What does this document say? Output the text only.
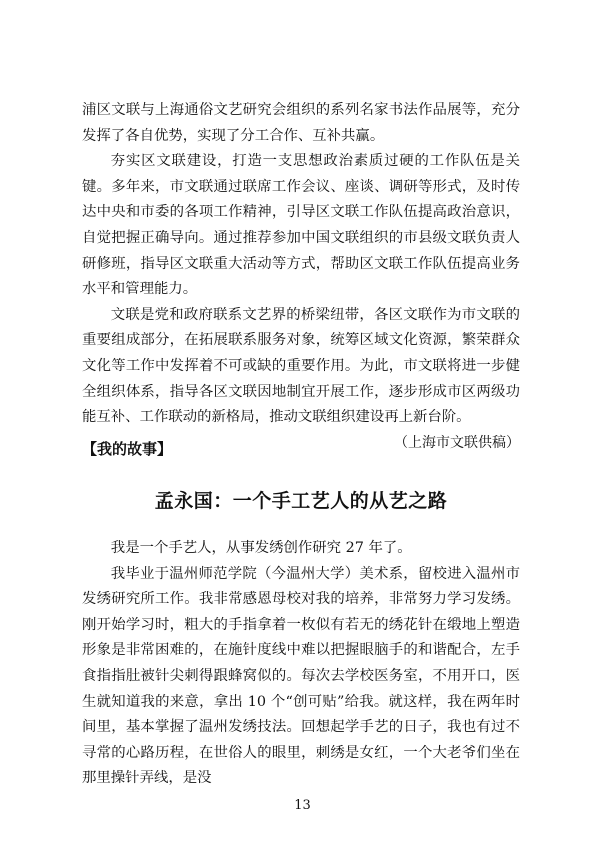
浦区文联与上海通俗文艺研究会组织的系列名家书法作品展等，充分发挥了各自优势，实现了分工合作、互补共赢。

夯实区文联建设，打造一支思想政治素质过硬的工作队伍是关键。多年来，市文联通过联席工作会议、座谈、调研等形式，及时传达中央和市委的各项工作精神，引导区文联工作队伍提高政治意识，自觉把握正确导向。通过推荐参加中国文联组织的市县级文联负责人研修班，指导区文联重大活动等方式，帮助区文联工作队伍提高业务水平和管理能力。

文联是党和政府联系文艺界的桥梁纽带，各区文联作为市文联的重要组成部分，在拓展联系服务对象，统筹区域文化资源，繁荣群众文化等工作中发挥着不可或缺的重要作用。为此，市文联将进一步健全组织体系，指导各区文联因地制宜开展工作，逐步形成市区两级功能互补、工作联动的新格局，推动文联组织建设再上新台阶。

（上海市文联供稿）

【我的故事】
孟永国：一个手工艺人的从艺之路

我是一个手艺人，从事发绣创作研究 27 年了。

我毕业于温州师范学院（今温州大学）美术系，留校进入温州市发绣研究所工作。我非常感恩母校对我的培养，非常努力学习发绣。刚开始学习时，粗大的手指拿着一枚似有若无的绣花针在缎地上塑造形象是非常困难的，在施针度线中难以把握眼脑手的和谐配合，左手食指指肚被针尖刺得跟蜂窝似的。每次去学校医务室，不用开口，医生就知道我的来意，拿出 10 个“创可贴”给我。就这样，我在两年时间里，基本掌握了温州发绣技法。回想起学手艺的日子，我也有过不寻常的心路历程，在世俗人的眼里，刺绣是女红，一个大老爷们坐在那里操针弄线，是没

13
